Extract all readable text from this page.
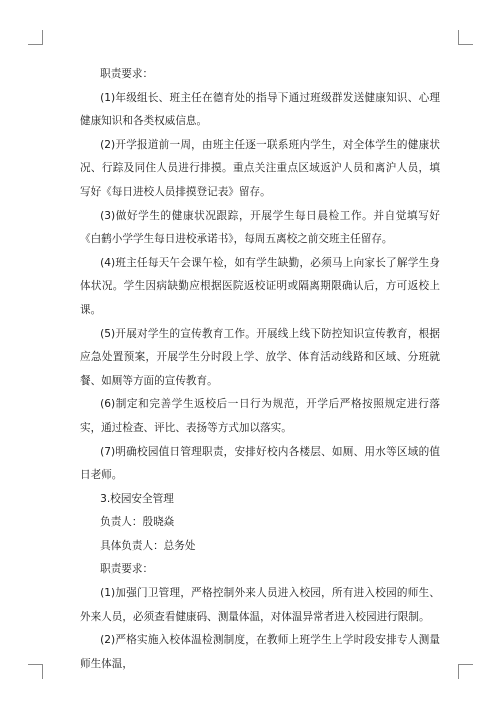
职责要求：

(1)年级组长、班主任在德育处的指导下通过班级群发送健康知识、心理健康知识和各类权威信息。

(2)开学报道前一周，由班主任逐一联系班内学生，对全体学生的健康状况、行踪及同住人员进行排摸。重点关注重点区域返沪人员和离沪人员，填写好《每日进校人员排摸登记表》留存。

(3)做好学生的健康状况跟踪，开展学生每日晨检工作。并自觉填写好《白鹤小学学生每日进校承诺书》，每周五离校之前交班主任留存。

(4)班主任每天午会课午检，如有学生缺勤，必须马上向家长了解学生身体状况。学生因病缺勤应根据医院返校证明或隔离期限确认后，方可返校上课。

(5)开展对学生的宣传教育工作。开展线上线下防控知识宣传教育，根据应急处置预案，开展学生分时段上学、放学、体育活动线路和区域、分班就餐、如厕等方面的宣传教育。

(6)制定和完善学生返校后一日行为规范，开学后严格按照规定进行落实，通过检查、评比、表扬等方式加以落实。

(7)明确校园值日管理职责，安排好校内各楼层、如厕、用水等区域的值日老师。

3.校园安全管理

负责人：殷晓焱

具体负责人：总务处

职责要求：

(1)加强门卫管理，严格控制外来人员进入校园，所有进入校园的师生、外来人员，必须查看健康码、测量体温，对体温异常者进入校园进行限制。

(2)严格实施入校体温检测制度，在教师上班学生上学时段安排专人测量师生体温，
